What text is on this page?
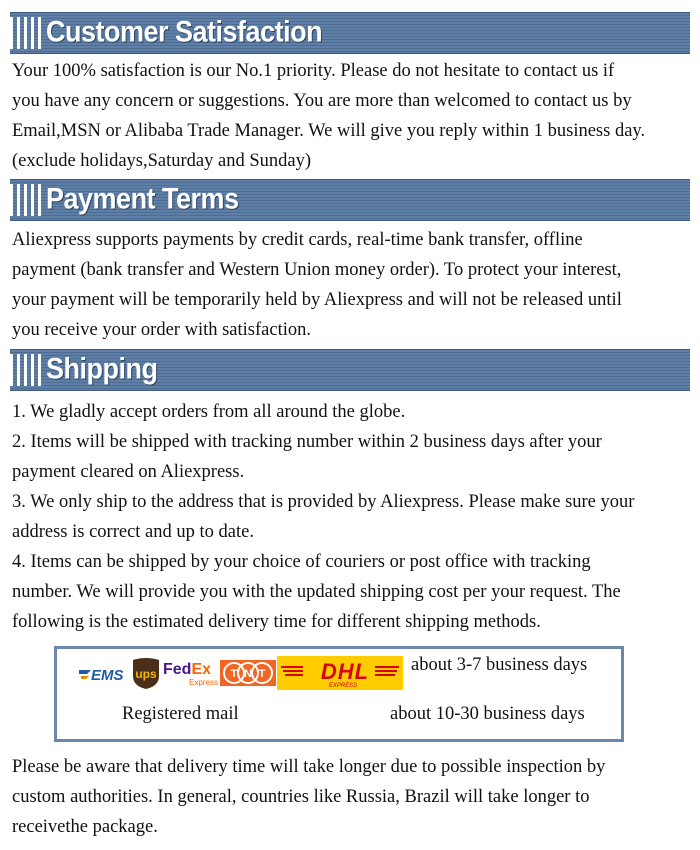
Customer Satisfaction

Your 100% satisfaction is our No.1 priority. Please do not hesitate to contact us if

you have any concern or suggestions. You are more than welcomed to contact us by

Email,MSN or Alibaba Trade Manager. We will give you reply within 1 business day.

(exclude holidays,Saturday and Sunday)

Payment Terms

Aliexpress supports payments by credit cards, real-time bank transfer, offline

payment (bank transfer and Western Union money order). To protect your interest,

your payment will be temporarily held by Aliexpress and will not be released until

you receive your order with satisfaction.

Shipping

1. We gladly accept orders from all around the globe.

2. Items will be shipped with tracking number within 2 business days after your

payment cleared on Aliexpress.

3. We only ship to the address that is provided by Aliexpress. Please make sure your

address is correct and up to date.

4. Items can be shipped by your choice of couriers or post office with tracking

number. We will provide you with the updated shipping cost per your request. The

following is the estimated delivery time for different shipping methods.

EMS ups FedEx
Express
T N T	DHL
EXPRESS
about 3-7 business days
Registered mail	about 10-30 business days

Please be aware that delivery time will take longer due to possible inspection by

custom authorities. In general, countries like Russia, Brazil will take longer to

receivethe package.
